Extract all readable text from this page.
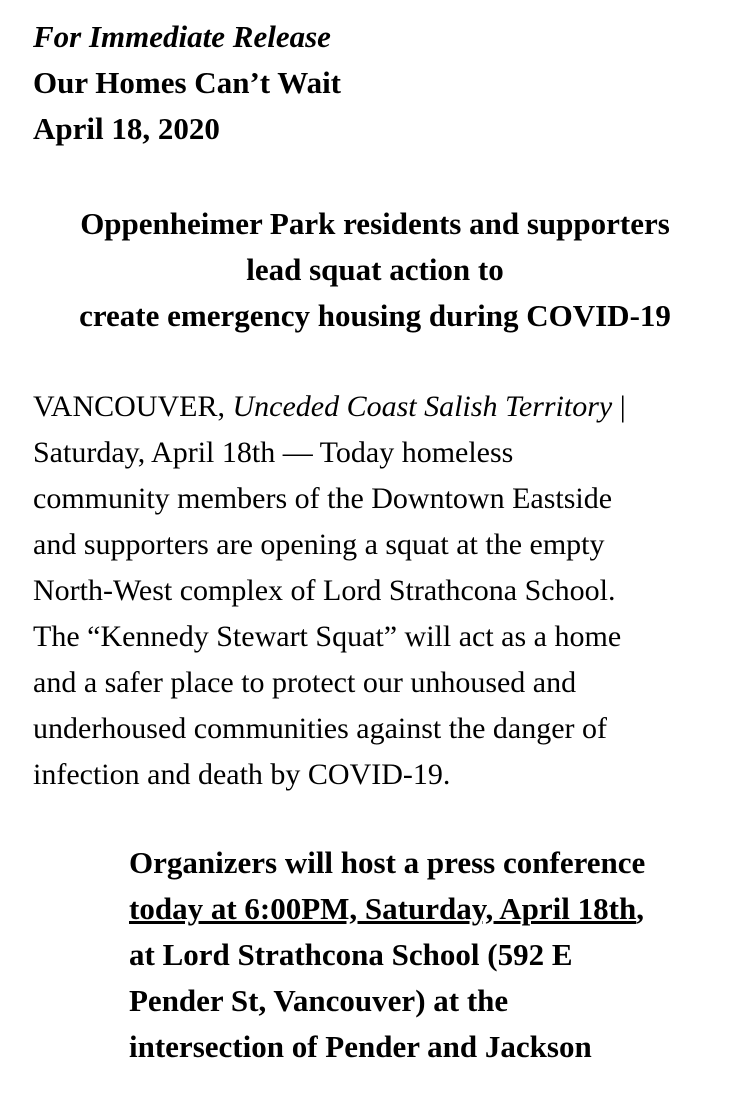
For Immediate Release
Our Homes Can’t Wait
April 18, 2020
Oppenheimer Park residents and supporters
lead squat action to
create emergency housing during COVID-19
VANCOUVER, Unceded Coast Salish Territory |
Saturday, April 18th — Today homeless
community members of the Downtown Eastside
and supporters are opening a squat at the empty
North-West complex of Lord Strathcona School.
The “Kennedy Stewart Squat” will act as a home
and a safer place to protect our unhoused and
underhoused communities against the danger of
infection and death by COVID-19.
Organizers will host a press conference
today at 6:00PM, Saturday, April 18th,
at Lord Strathcona School (592 E
Pender St, Vancouver) at the
intersection of Pender and Jackson
